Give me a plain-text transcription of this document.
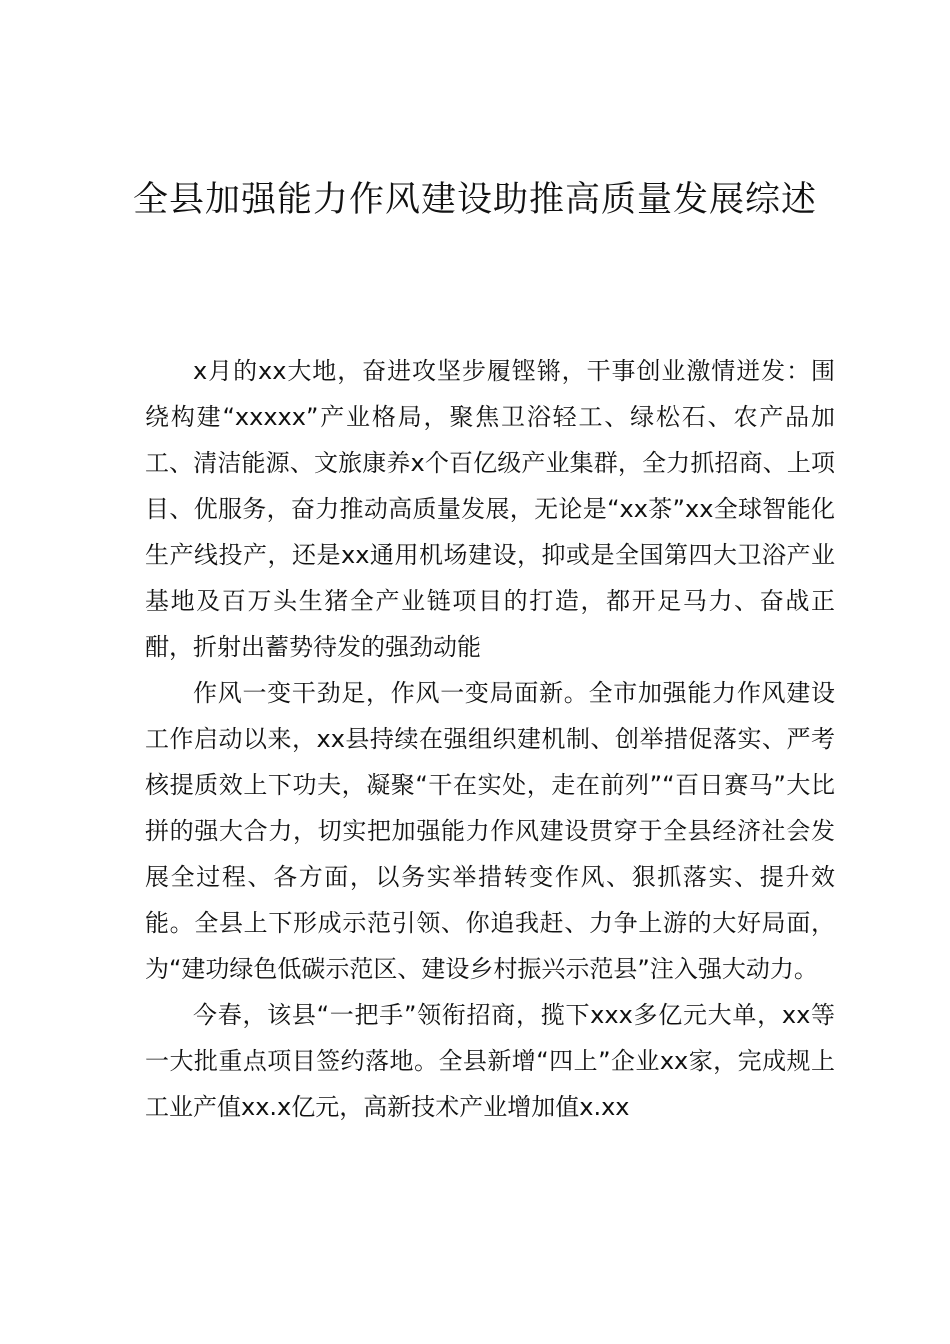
全县加强能力作风建设助推高质量发展综述

x月的xx大地，奋进攻坚步履铿锵，干事创业激情迸发：围绕构建“xxxxx”产业格局，聚焦卫浴轻工、绿松石、农产品加工、清洁能源、文旅康养x个百亿级产业集群，全力抓招商、上项目、优服务，奋力推动高质量发展，无论是“xx茶”xx全球智能化生产线投产，还是xx通用机场建设，抑或是全国第四大卫浴产业基地及百万头生猪全产业链项目的打造，都开足马力、奋战正酣，折射出蓄势待发的强劲动能

作风一变干劲足，作风一变局面新。全市加强能力作风建设工作启动以来，xx县持续在强组织建机制、创举措促落实、严考核提质效上下功夫，凝聚“干在实处，走在前列”“百日赛马”大比拼的强大合力，切实把加强能力作风建设贯穿于全县经济社会发展全过程、各方面，以务实举措转变作风、狠抓落实、提升效能。全县上下形成示范引领、你追我赶、力争上游的大好局面，为“建功绿色低碳示范区、建设乡村振兴示范县”注入强大动力。

今春，该县“一把手”领衔招商，揽下xxx多亿元大单，xx等一大批重点项目签约落地。全县新增“四上”企业xx家，完成规上工业产值xx.x亿元，高新技术产业增加值x.xx
